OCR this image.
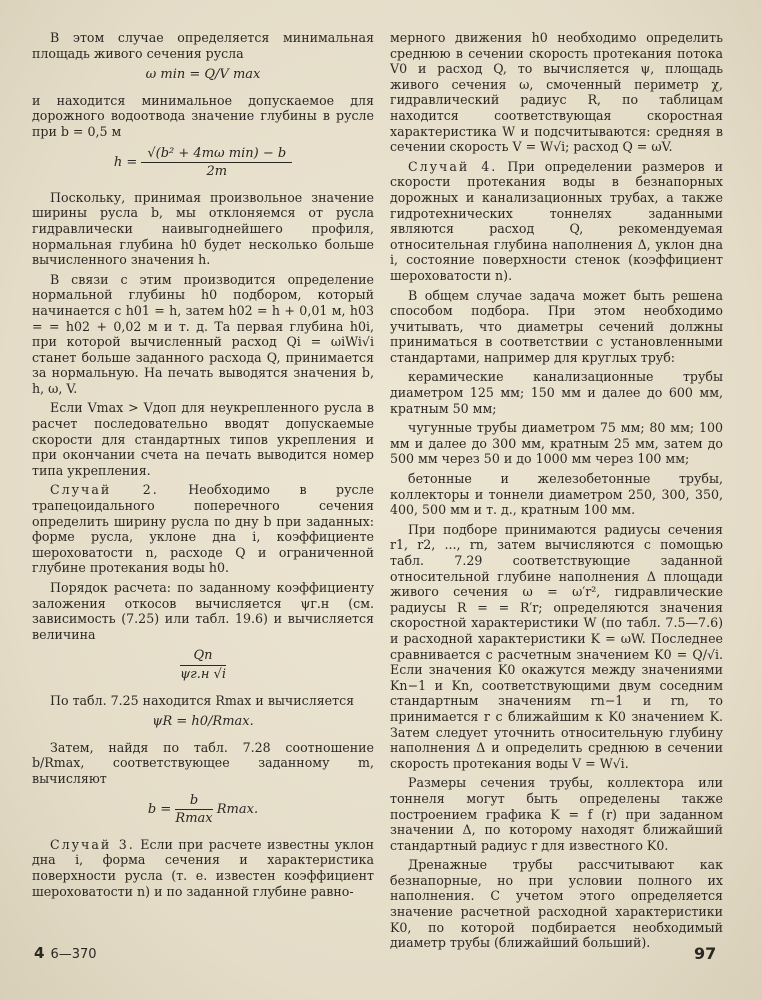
В этом случае определяется минимальная площадь живого сечения русла

ω min = Q/V max

и находится минимальное допускаемое для дорожного водоотвода значение глубины в русле при b = 0,5 м

$h = \frac{\text{√(b² + 4mω min) − b}}{2m}$

Поскольку, принимая произвольное значение ширины русла b, мы отклоняемся от русла гидравлически наивыгоднейшего профиля, нормальная глубина h0 будет несколько больше вычисленного значения h.

В связи с этим производится определение нормальной глубины h0 подбором, который начинается с h01 = h, затем h02 = h + 0,01 м, h03 = = h02 + 0,02 м и т. д. Та первая глубина h0i, при которой вычисленный расход Qi = ωiWi√i станет больше заданного расхода Q, принимается за нормальную. На печать выводятся значения b, h, ω, V.

Если Vmax > Vдоп для неукрепленного русла в расчет последовательно вводят допускаемые скорости для стандартных типов укрепления и при окончании счета на печать выводится номер типа укрепления.

Случай 2. Необходимо в русле трапецоидального поперечного сечения определить ширину русла по дну b при заданных: форме русла, уклоне дна i, коэффициенте шероховатости n, расходе Q и ограниченной глубине протекания воды h0.

Порядок расчета: по заданному коэффициенту заложения откосов вычисляется ψг.н (см. зависимость (7.25) или табл. 19.6) и вычисляется величина

$\frac{Qn}{\psi г.н √i}$

По табл. 7.25 находится Rmax и вычисляется

ψR = h0/Rmax.

Затем, найдя по табл. 7.28 соотношение b/Rmax, соответствующее заданному m, вычисляют

$b = \frac{b}{Rmax} Rmax$.

Случай 3. Если при расчете известны уклон дна i, форма сечения и характеристика поверхности русла (т. е. известен коэффициент шероховатости n) и по заданной глубине равно-

мерного движения h0 необходимо определить среднюю в сечении скорость протекания потока V0 и расход Q, то вычисляется ψ, площадь живого сечения ω, смоченный периметр χ, гидравлический радиус R, по таблицам находится соответствующая скоростная характеристика W и подсчитываются: средняя в сечении скорость V = W√i; расход Q = ωV.

Случай 4. При определении размеров и скорости протекания воды в безнапорных дорожных и канализационных трубах, а также гидротехнических тоннелях заданными являются расход Q, рекомендуемая относительная глубина наполнения Δ, уклон дна i, состояние поверхности стенок (коэффициент шероховатости n).

В общем случае задача может быть решена способом подбора. При этом необходимо учитывать, что диаметры сечений должны приниматься в соответствии с установленными стандартами, например для круглых труб:

керамические канализационные трубы диаметром 125 мм; 150 мм и далее до 600 мм, кратным 50 мм;

чугунные трубы диаметром 75 мм; 80 мм; 100 мм и далее до 300 мм, кратным 25 мм, затем до 500 мм через 50 и до 1000 мм через 100 мм;

бетонные и железобетонные трубы, коллекторы и тоннели диаметром 250, 300, 350, 400, 500 мм и т. д., кратным 100 мм.

При подборе принимаются радиусы сечения r1, r2, ..., rn, затем вычисляются с помощью табл. 7.29 соответствующие заданной относительной глубине наполнения Δ площади живого сечения ω = ω′r², гидравлические радиусы R = = R′r; определяются значения скоростной характеристики W (по табл. 7.5—7.6) и расходной характеристики K = ωW. Последнее сравнивается с расчетным значением K0 = Q/√i. Если значения K0 окажутся между значениями Kn−1 и Kn, соответствующими двум соседним стандартным значениям rn−1 и rn, то принимается r с ближайшим к K0 значением K. Затем следует уточнить относительную глубину наполнения Δ и определить среднюю в сечении скорость протекания воды V = W√i.

Размеры сечения трубы, коллектора или тоннеля могут быть определены также построением графика K = f (r) при заданном значении Δ, по которому находят ближайший стандартный радиус r для известного K0.

Дренажные трубы рассчитывают как безнапорные, но при условии полного их наполнения. С учетом этого определяется значение расчетной расходной характеристики K0, по которой подбирается необходимый диаметр трубы (ближайший больший).

4 6—370	97
